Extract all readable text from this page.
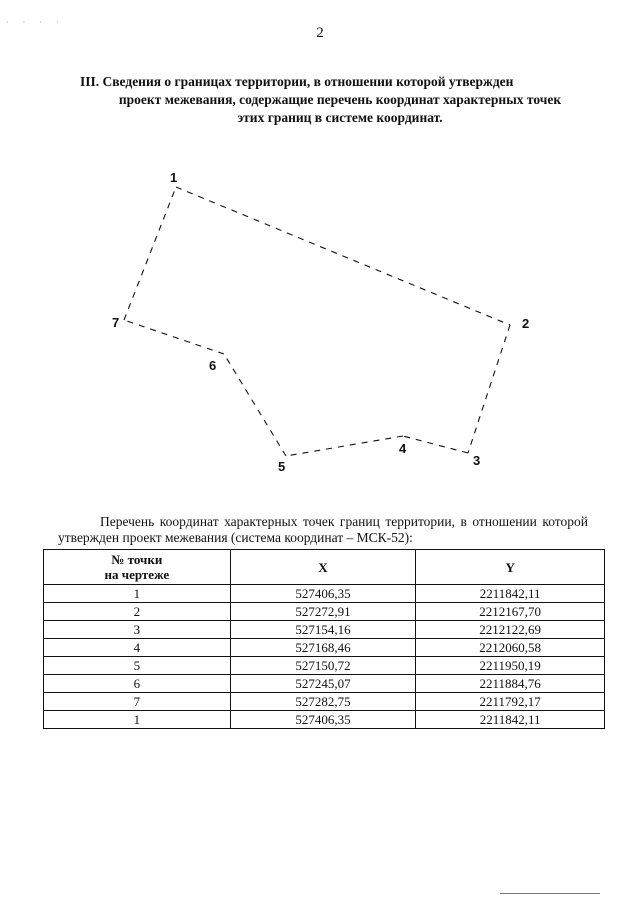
· · · ·
2
III. Сведения о границах территории, в отношении которой утвержден
проект межевания, содержащие перечень координат характерных точек
этих границ в системе координат.
1
2
3
4
5
6
7
Перечень координат характерных точек границ территории, в отношении которой утвержден проект межевания (система координат – МСК-52):
№ точки
на чертеже	X	Y
1	527406,35	2211842,11
2	527272,91	2212167,70
3	527154,16	2212122,69
4	527168,46	2212060,58
5	527150,72	2211950,19
6	527245,07	2211884,76
7	527282,75	2211792,17
1	527406,35	2211842,11
